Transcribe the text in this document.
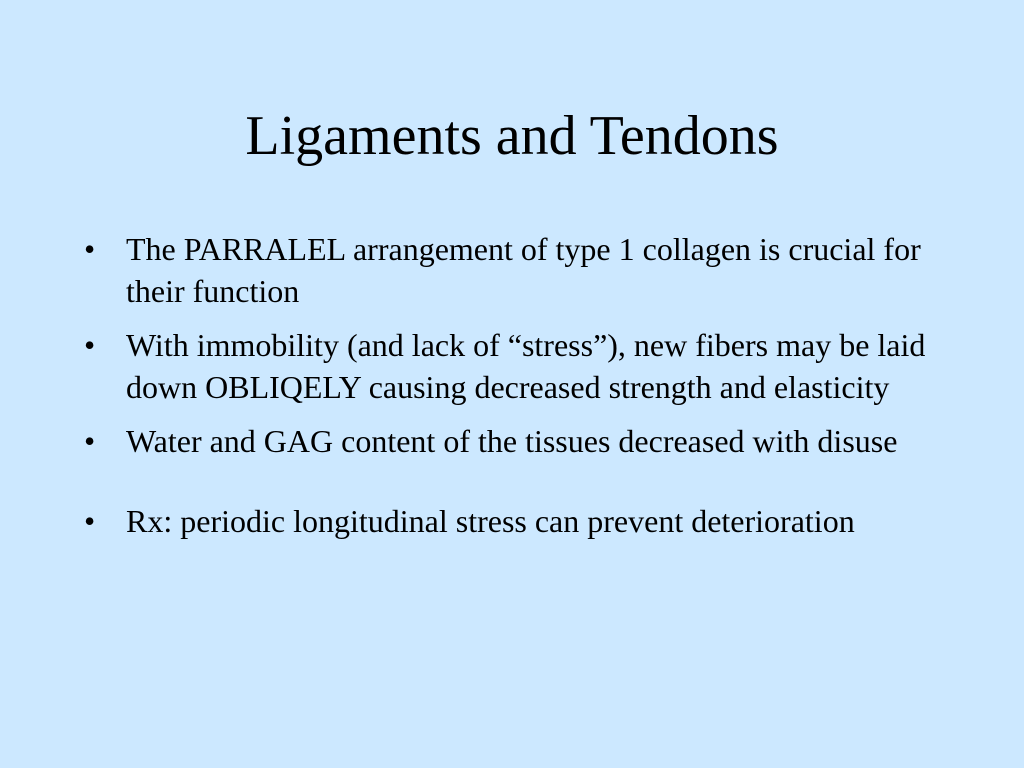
Ligaments and Tendons
• The PARRALEL arrangement of type 1 collagen is crucial for their function
• With immobility (and lack of “stress”), new fibers may be laid down OBLIQELY causing decreased strength and elasticity
• Water and GAG content of the tissues decreased with disuse
• Rx: periodic longitudinal stress can prevent deterioration
